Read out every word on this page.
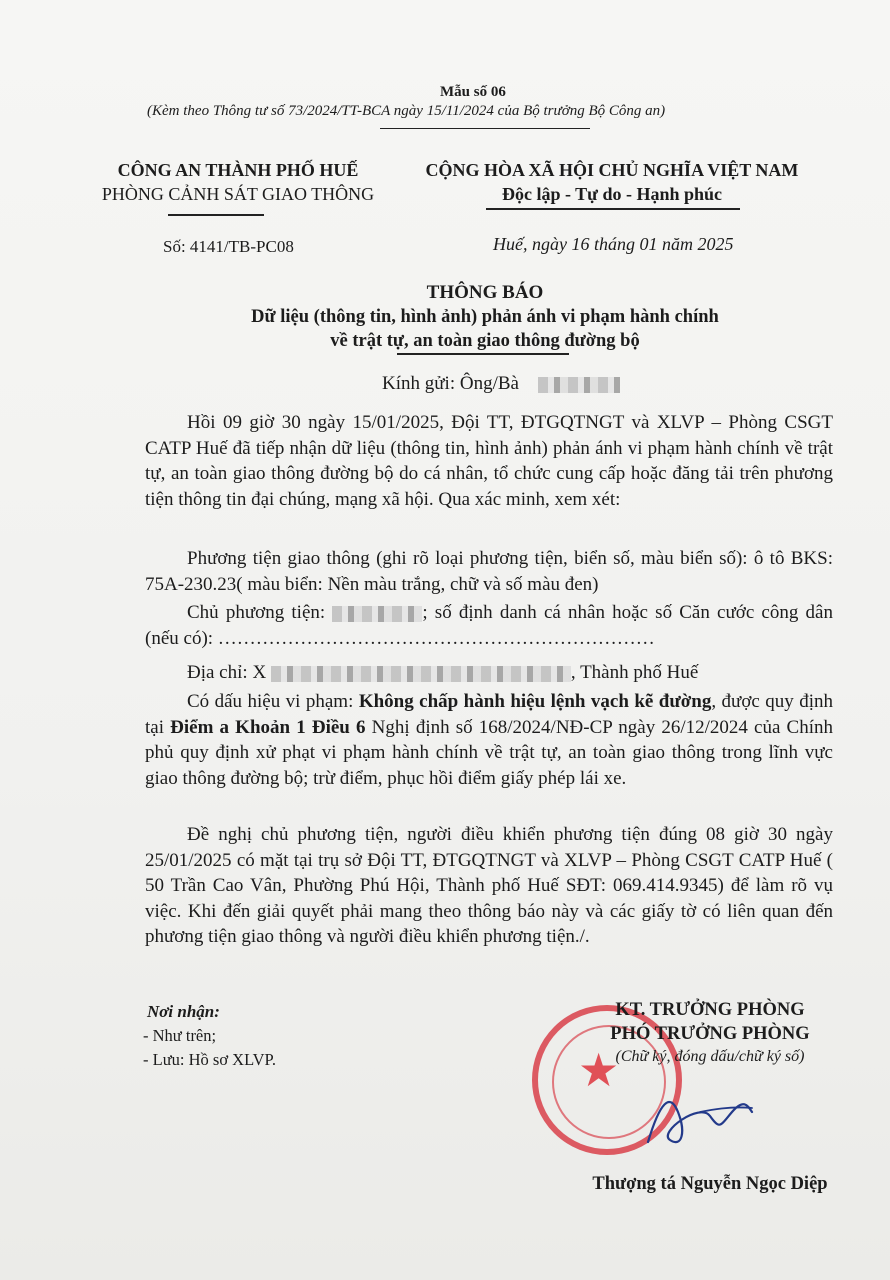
Mẫu số 06
(Kèm theo Thông tư số 73/2024/TT-BCA ngày 15/11/2024 của Bộ trưởng Bộ Công an)
CÔNG AN THÀNH PHỐ HUẾ
PHÒNG CẢNH SÁT GIAO THÔNG
Số: 4141/TB-PC08
CỘNG HÒA XÃ HỘI CHỦ NGHĨA VIỆT NAM
Độc lập - Tự do - Hạnh phúc
Huế, ngày 16 tháng 01 năm 2025
THÔNG BÁO
Dữ liệu (thông tin, hình ảnh) phản ánh vi phạm hành chính
về trật tự, an toàn giao thông đường bộ
Kính gửi: Ông/Bà

Hồi 09 giờ 30 ngày 15/01/2025, Đội TT, ĐTGQTNGT và XLVP – Phòng CSGT CATP Huế đã tiếp nhận dữ liệu (thông tin, hình ảnh) phản ánh vi phạm hành chính về trật tự, an toàn giao thông đường bộ do cá nhân, tổ chức cung cấp hoặc đăng tải trên phương tiện thông tin đại chúng, mạng xã hội. Qua xác minh, xem xét:

Phương tiện giao thông (ghi rõ loại phương tiện, biển số, màu biển số): ô tô BKS: 75A-230.23( màu biển: Nền màu trắng, chữ và số màu đen)

Chủ phương tiện:	; số định danh cá nhân hoặc số Căn cước công dân (nếu có): ……………………………………………………………

Địa chỉ: X	, Thành phố Huế

Có dấu hiệu vi phạm: Không chấp hành hiệu lệnh vạch kẽ đường, được quy định tại Điểm a Khoản 1 Điều 6 Nghị định số 168/2024/NĐ-CP ngày 26/12/2024 của Chính phủ quy định xử phạt vi phạm hành chính về trật tự, an toàn giao thông trong lĩnh vực giao thông đường bộ; trừ điểm, phục hồi điểm giấy phép lái xe.

Đề nghị chủ phương tiện, người điều khiển phương tiện đúng 08 giờ 30 ngày 25/01/2025 có mặt tại trụ sở Đội TT, ĐTGQTNGT và XLVP – Phòng CSGT CATP Huế ( 50 Trần Cao Vân, Phường Phú Hội, Thành phố Huế SĐT: 069.414.9345) để làm rõ vụ việc. Khi đến giải quyết phải mang theo thông báo này và các giấy tờ có liên quan đến phương tiện giao thông và người điều khiển phương tiện./.

Nơi nhận:
- Như trên;
- Lưu: Hồ sơ XLVP.	★
KT. TRƯỞNG PHÒNG
PHÓ TRƯỞNG PHÒNG
(Chữ ký, đóng dấu/chữ ký số)
Thượng tá Nguyễn Ngọc Diệp
